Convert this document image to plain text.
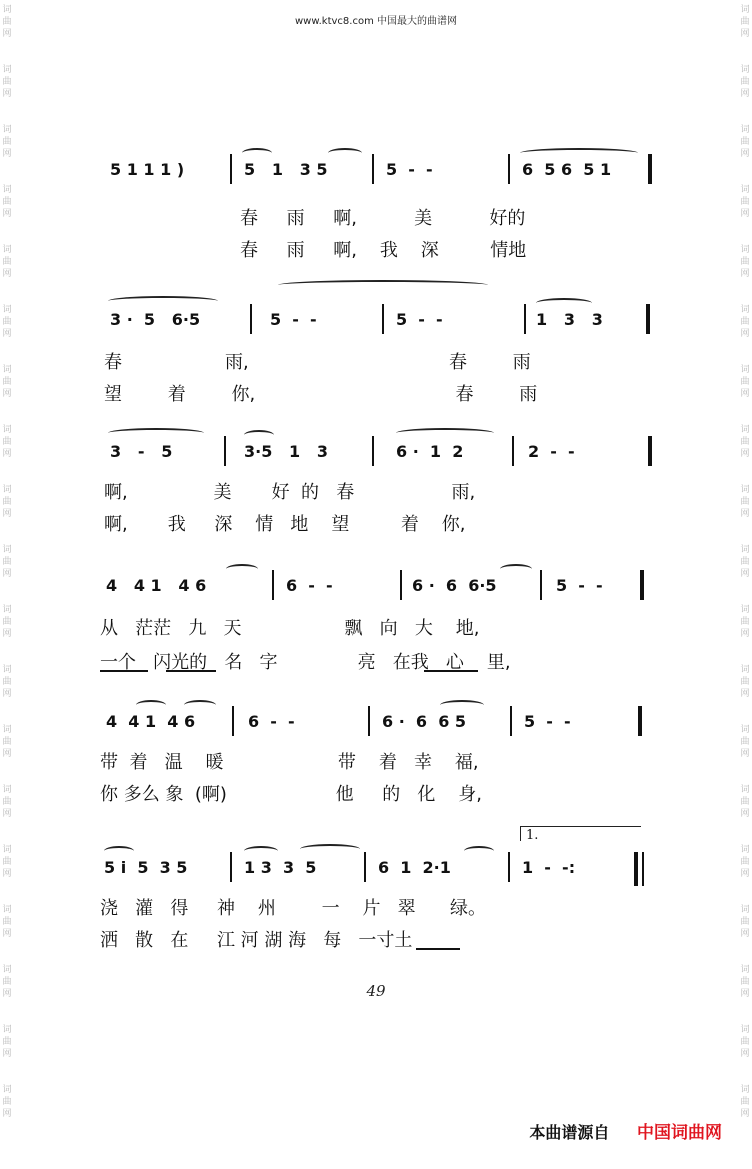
词
曲
网
词
曲
网
词
曲
网
词
曲
网
词
曲
网
词
曲
网
词
曲
网
词
曲
网
词
曲
网
词
曲
网
词
曲
网
词
曲
网
词
曲
网
词
曲
网
词
曲
网
词
曲
网
词
曲
网
词
曲
网
词
曲
网
词
曲
网
词
曲
网
词
曲
网
词
曲
网
词
曲
网
词
曲
网
词
曲
网
词
曲
网
词
曲
网
词
曲
网
词
曲
网
词
曲
网
词
曲
网
词
曲
网
词
曲
网
词
曲
网
词
曲
网
词
曲
网
词
曲
网
www.ktvc8.com 中国最大的曲谱网
5 1 1 1 )	5   1   3 5	5  -  -	6  5 6  5 1
春     雨     啊,          美          好的
春     雨     啊,    我    深         情地
3 ·  5   6·5	5  -  -	5  -  -	1   3   3
春                  雨,                                   春        雨
望        着        你,                                   春        雨
3   -   5	3·5   1   3	6 ·  1  2	2  -  -
啊,               美       好  的   春                 雨,
啊,       我     深    情   地    望         着    你,
4   4 1   4 6	6  -  -	6 ·  6  6·5	5  -  -
从   茫茫   九   天                  飘   向   大    地,
一个   闪光的   名   字              亮   在我   心    里,
4  4 1  4 6	6  -  -	6 ·  6  6 5	5  -  -
带  着   温    暖                    带    着   幸    福,
你 多么 象  (啊)                   他     的   化    身,
1.
5 i  5  3 5	1 3  3  5	6  1  2·1	1  -  -:
浇   灌   得     神    州        一    片   翠      绿。
洒   散   在     江 河 湖 海   每   一寸土
49
本曲谱源自 中国词曲网
